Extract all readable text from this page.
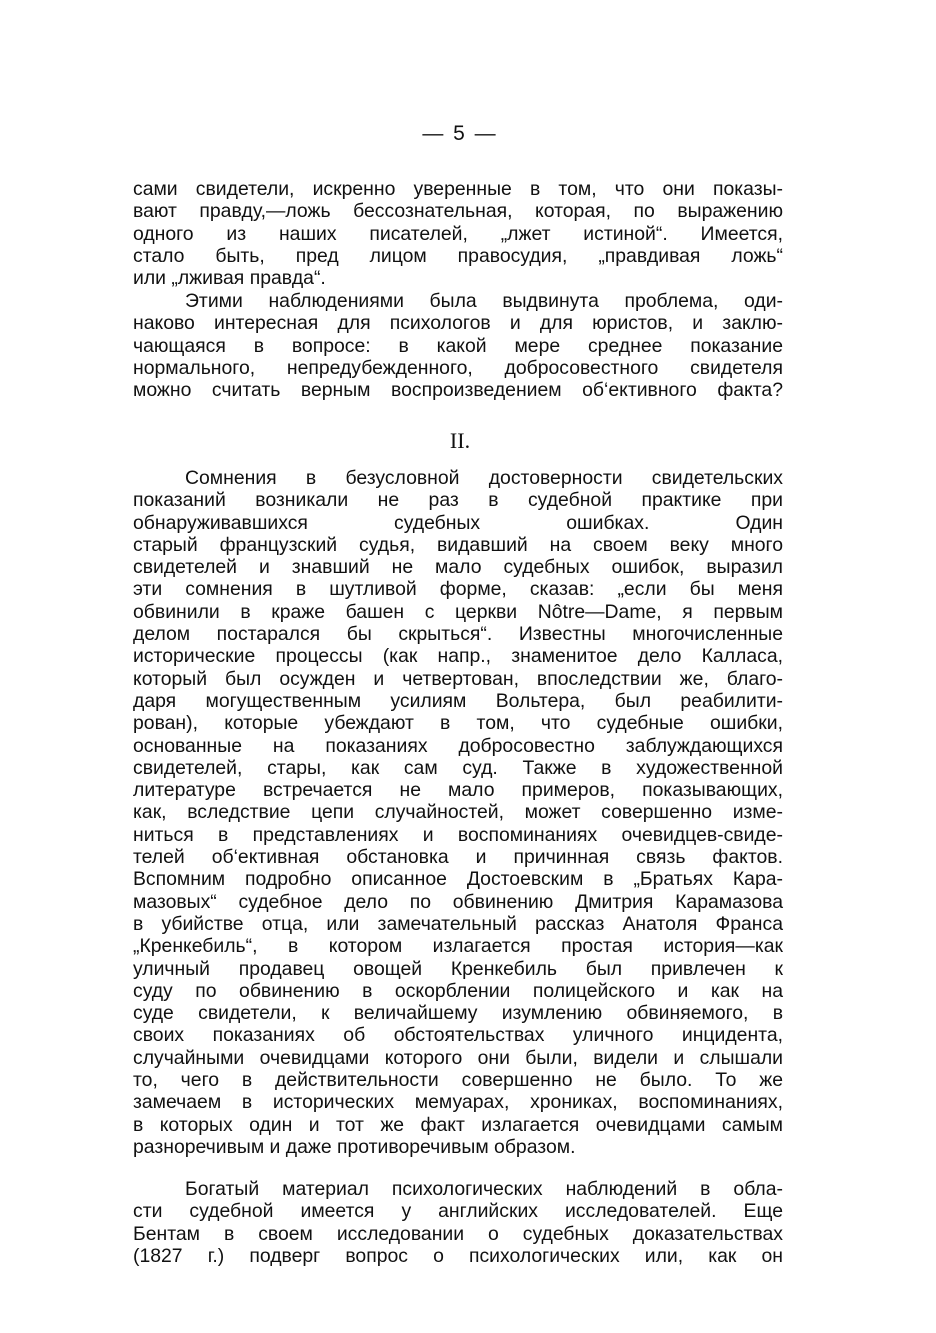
— 5 —
сами свидетели, искренно уверенные в том, что они показы-
вают правду,—ложь бессознательная, которая, по выражению
одного из наших писателей, „лжет истиной“. Имеется,
стало быть, пред лицом правосудия, „правдивая ложь“
или „лживая правда“.
Этими наблюдениями была выдвинута проблема, оди-
наково интересная для психологов и для юристов, и заклю-
чающаяся в вопросе: в какой мере среднее показание
нормального, непредубежденного, добросовестного свидетеля
можно считать верным воспроизведением об‘ективного факта?
II.
Сомнения в безусловной достоверности свидетельских
показаний возникали не раз в судебной практике при
обнаруживавшихся судебных ошибках. Один
старый французский судья, видавший на своем веку много
свидетелей и знавший не мало судебных ошибок, выразил
эти сомнения в шутливой форме, сказав: „если бы меня
обвинили в краже башен с церкви Nôtre—Dame, я первым
делом постарался бы скрыться“. Известны многочисленные
исторические процессы (как напр., знаменитое дело Калласа,
который был осужден и четвертован, впоследствии же, благо-
даря могущественным усилиям Вольтера, был реабилити-
рован), которые убеждают в том, что судебные ошибки,
основанные на показаниях добросовестно заблуждающихся
свидетелей, стары, как сам суд. Также в художественной
литературе встречается не мало примеров, показывающих,
как, вследствие цепи случайностей, может совершенно изме-
ниться в представлениях и воспоминаниях очевидцев-свиде-
телей об‘ективная обстановка и причинная связь фактов.
Вспомним подробно описанное Достоевским в „Братьях Кара-
мазовых“ судебное дело по обвинению Дмитрия Карамазова
в убийстве отца, или замечательный рассказ Анатоля Франса
„Кренкебиль“, в котором излагается простая история—как
уличный продавец овощей Кренкебиль был привлечен к
суду по обвинению в оскорблении полицейского и как на
суде свидетели, к величайшему изумлению обвиняемого, в
своих показаниях об обстоятельствах уличного инцидента,
случайными очевидцами которого они были, видели и слышали
то, чего в действительности совершенно не было. То же
замечаем в исторических мемуарах, хрониках, воспоминаниях,
в которых один и тот же факт излагается очевидцами самым
разноречивым и даже противоречивым образом.
Богатый материал психологических наблюдений в обла-
сти судебной имеется у английских исследователей. Еще
Бентам в своем исследовании о судебных доказательствах
(1827 г.) подверг вопрос о психологических или, как он
